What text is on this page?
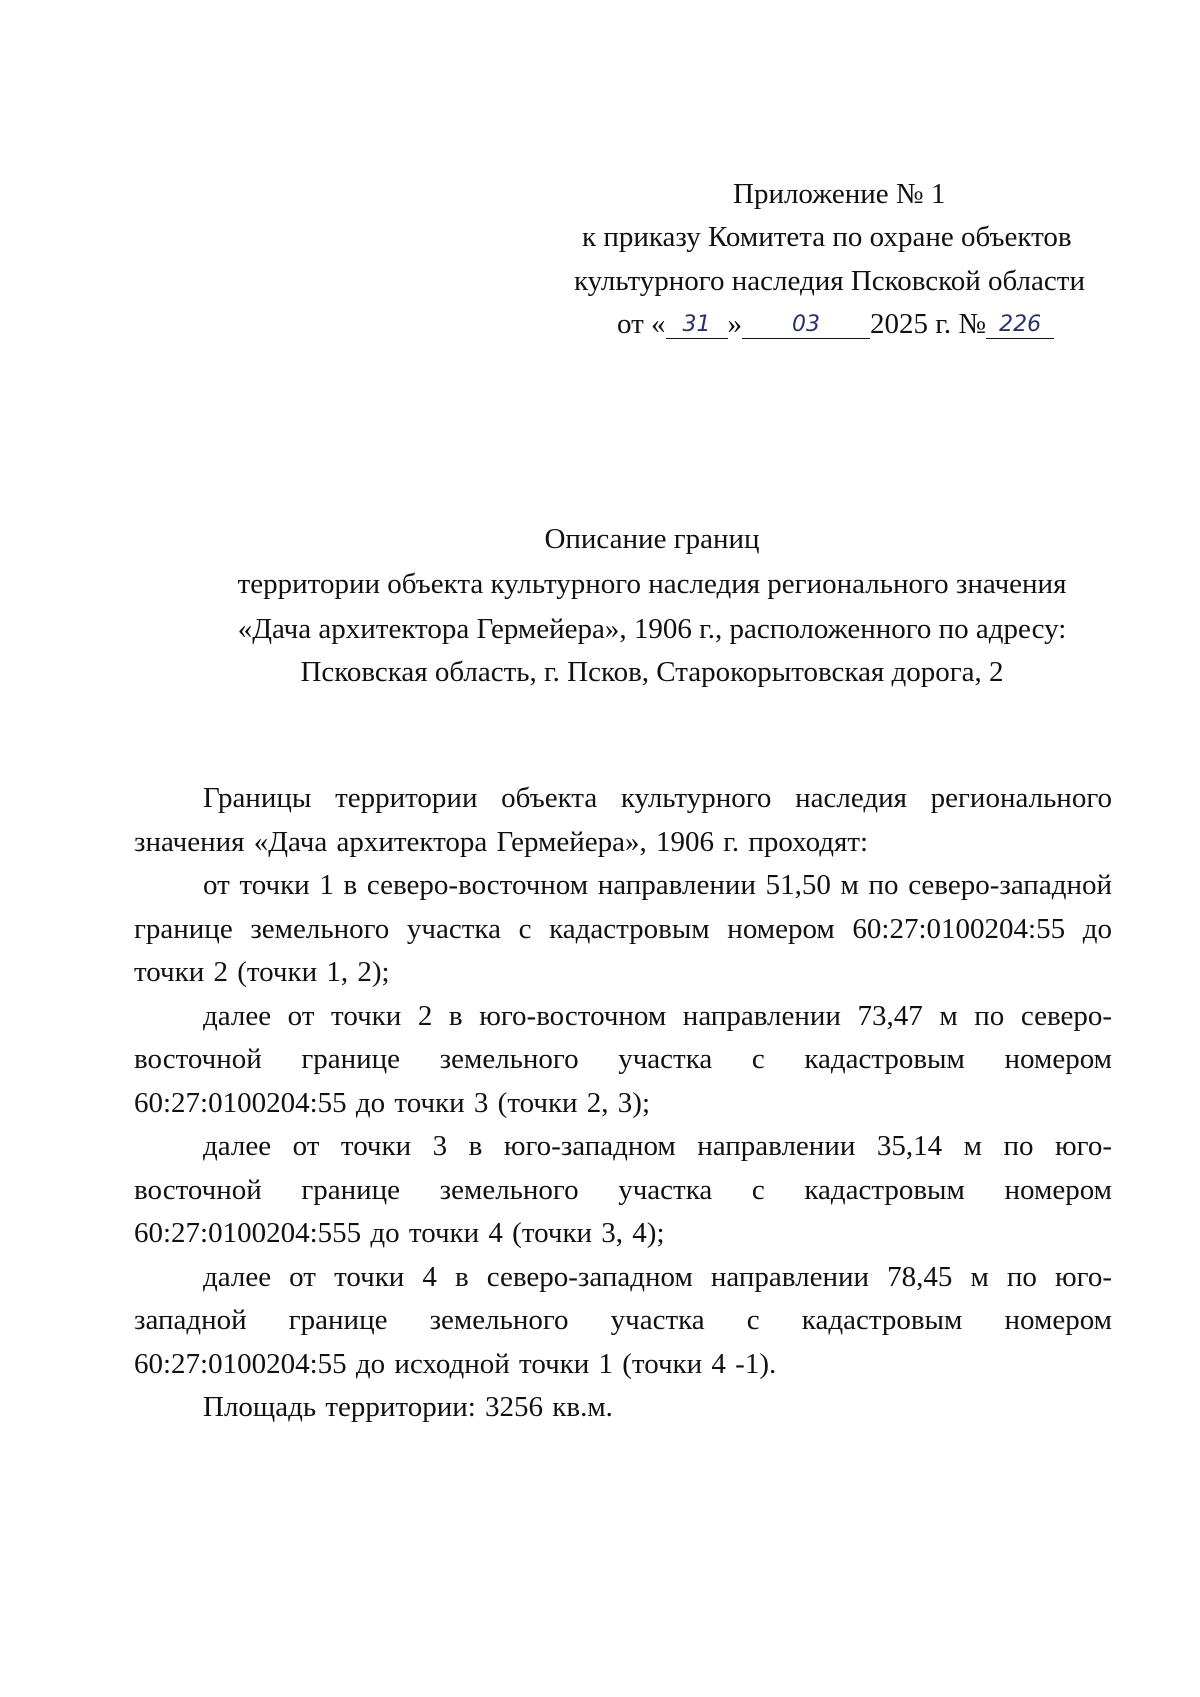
Приложение № 1
к приказу Комитета по охране объектов
культурного наследия Псковской области
от « 31 » 03 2025 г. № 226
Описание границ
территории объекта культурного наследия регионального значения
«Дача архитектора Гермейера», 1906 г., расположенного по адресу:
Псковская область, г. Псков, Старокорытовская дорога, 2

Границы территории объекта культурного наследия регионального значения «Дача архитектора Гермейера», 1906 г. проходят:

от точки 1 в северо-восточном направлении 51,50 м по северо-западной границе земельного участка с кадастровым номером 60:27:0100204:55 до точки 2 (точки 1, 2);

далее от точки 2 в юго-восточном направлении 73,47 м по северо-восточной границе земельного участка с кадастровым номером 60:27:0100204:55 до точки 3 (точки 2, 3);

далее от точки 3 в юго-западном направлении 35,14 м по юго-восточной границе земельного участка с кадастровым номером 60:27:0100204:555 до точки 4 (точки 3, 4);

далее от точки 4 в северо-западном направлении 78,45 м по юго-западной границе земельного участка с кадастровым номером 60:27:0100204:55 до исходной точки 1 (точки 4 -1).

Площадь территории: 3256 кв.м.
